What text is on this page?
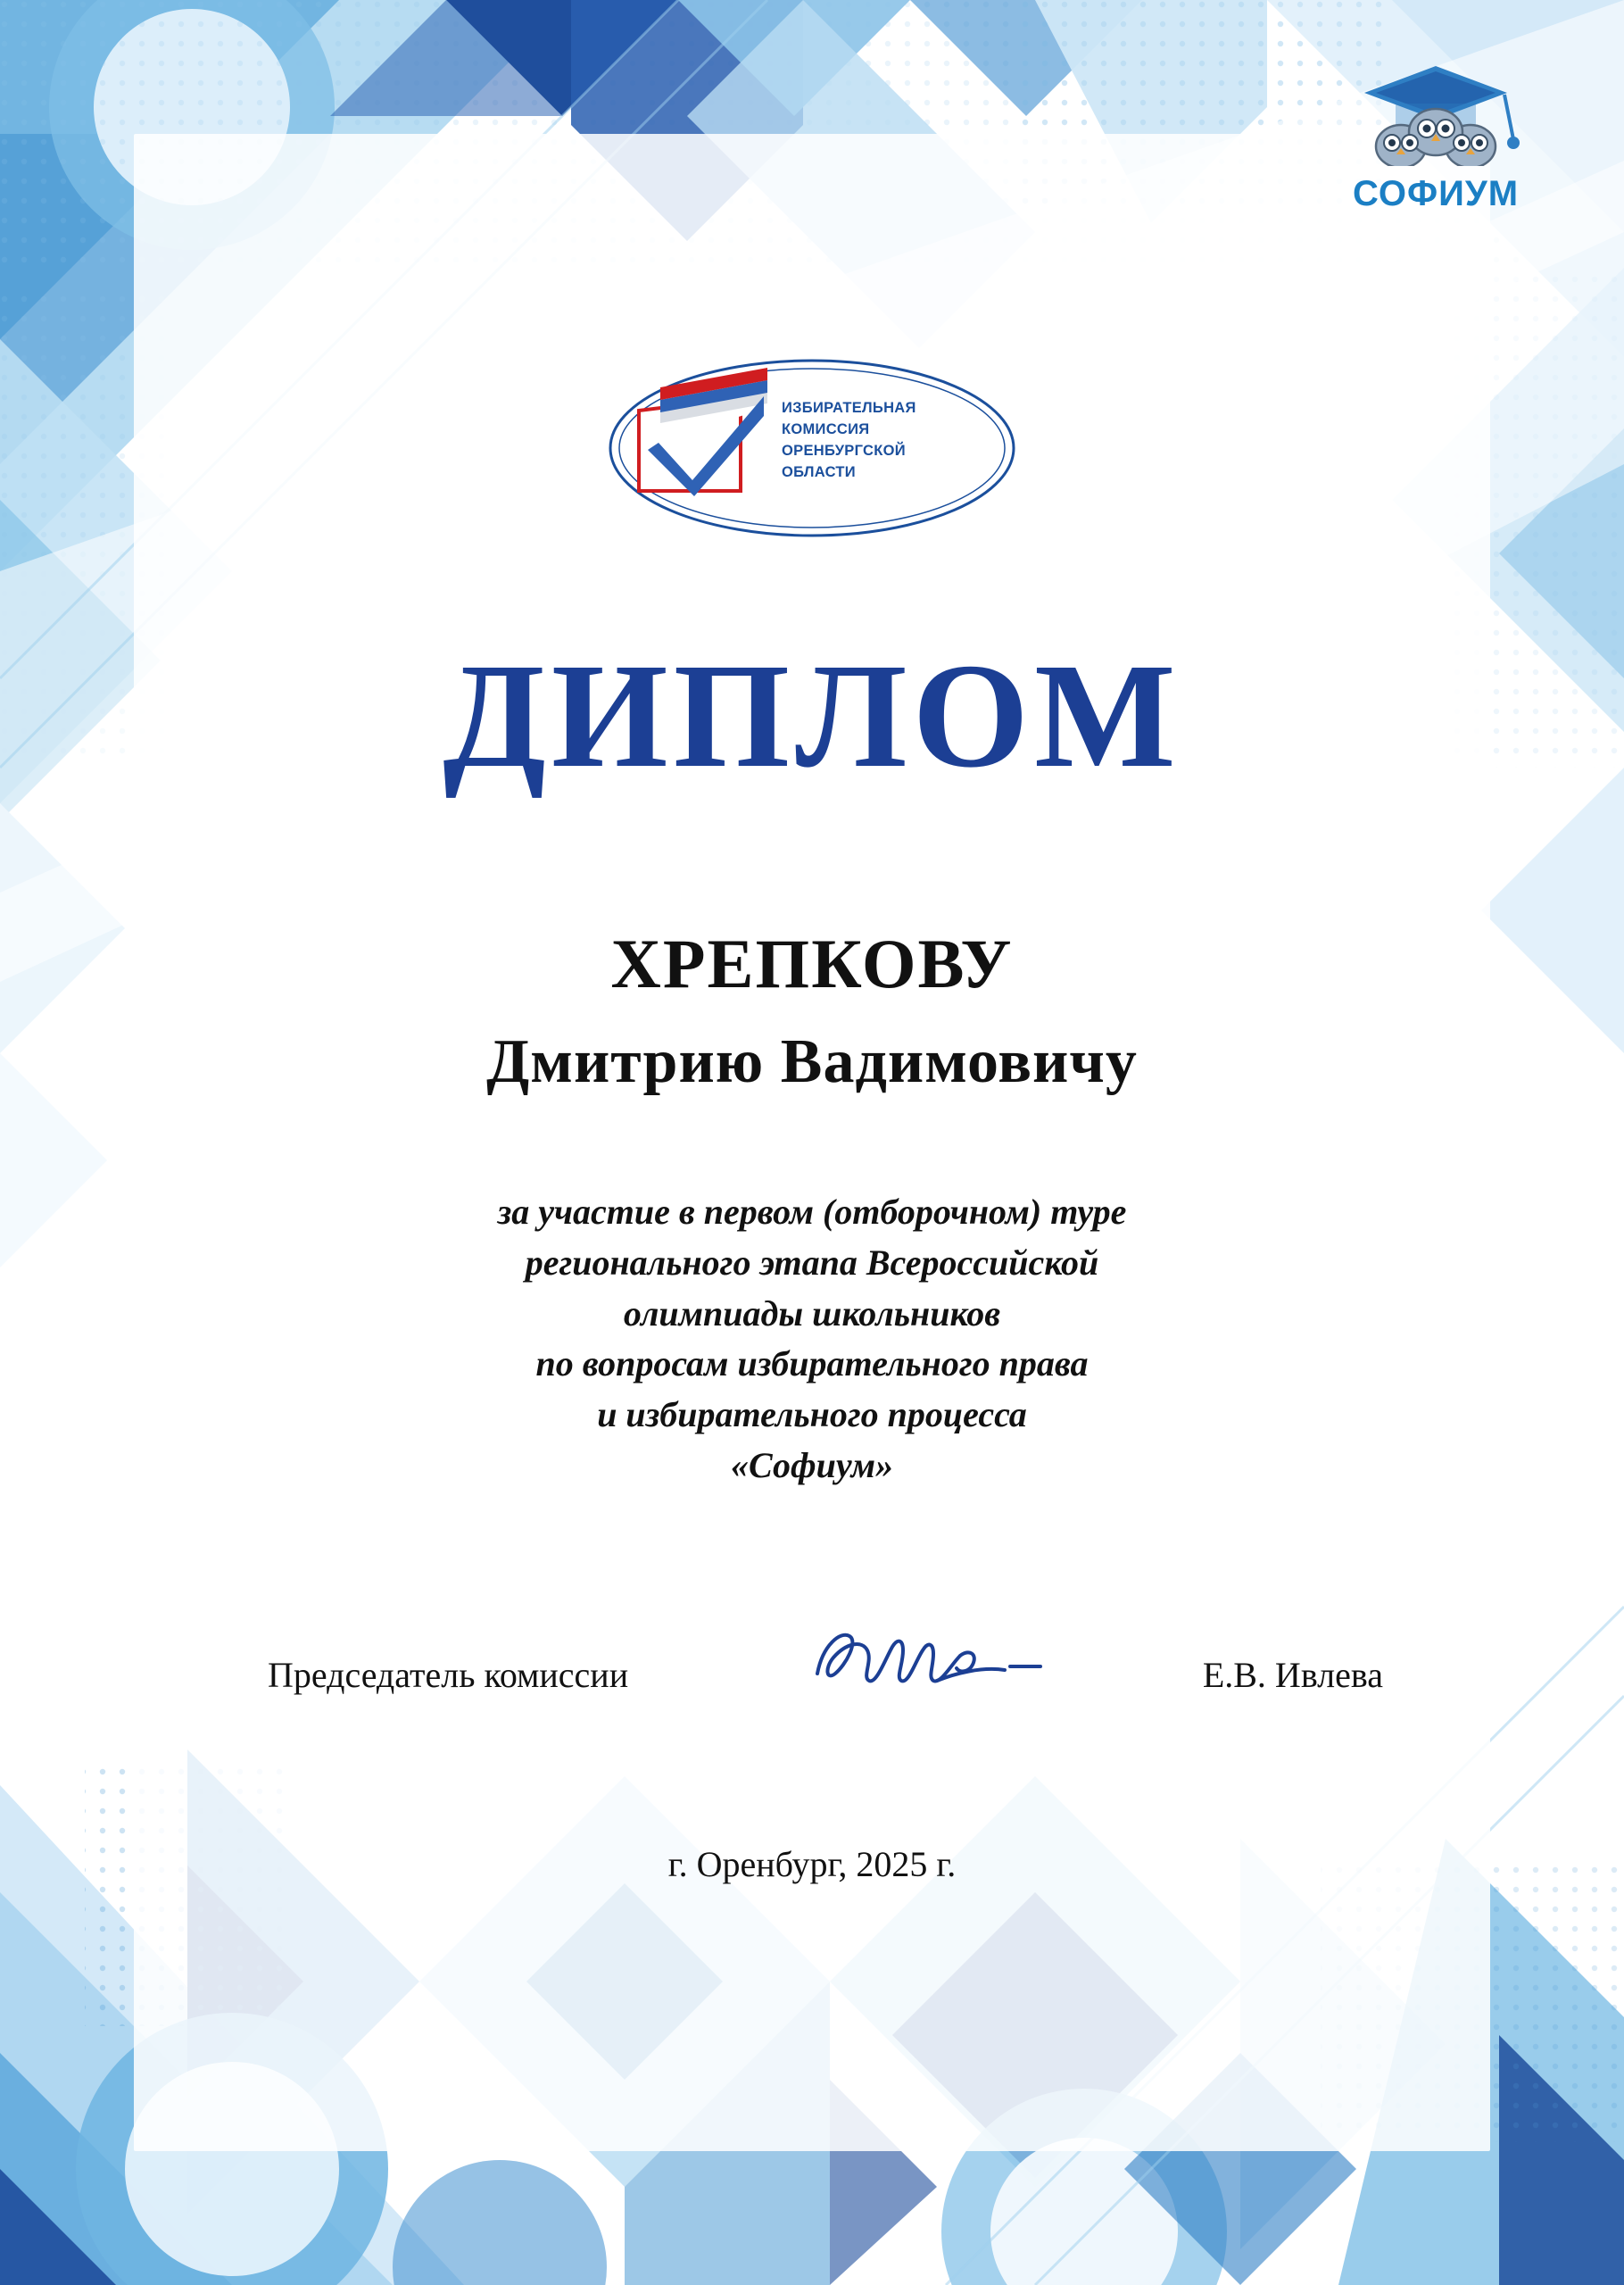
СОФИУМ
ИЗБИРАТЕЛЬНАЯ
КОМИССИЯ
ОРЕНБУРГСКОЙ
ОБЛАСТИ
ДИПЛОМ
ХРЕПКОВУ
Дмитрию Вадимовичу
за участие в первом (отборочном) туре
регионального этапа Всероссийской
олимпиады школьников
по вопросам избирательного права
и избирательного процесса
«Софиум»
Председатель комиссии	Е.В. Ивлева
г. Оренбург, 2025 г.
